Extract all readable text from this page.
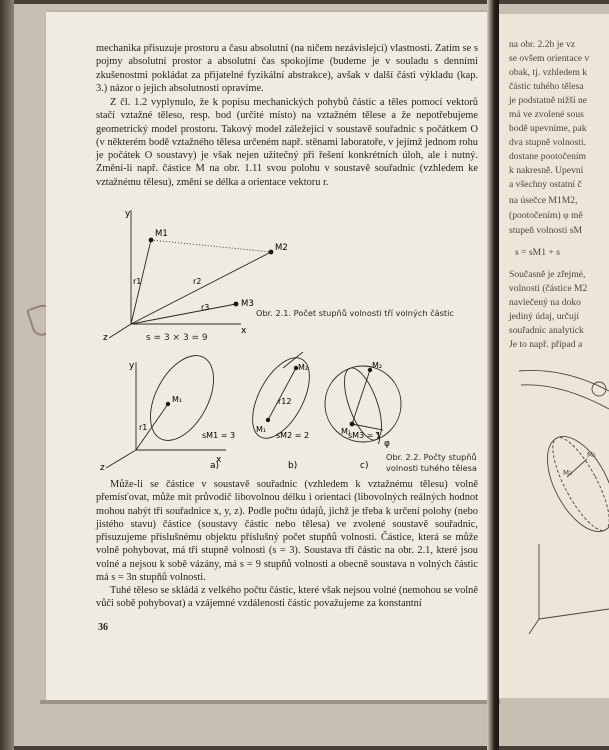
mechanika přisuzuje prostoru a času absolutní (na ničem nezávislejcí) vlastnosti. Zatím se s pojmy absolutní prostor a absolutní čas spokojíme (budeme je v souladu s denními zkušenostmi pokládat za přijatelné fyzikální abstrakce), avšak v další části výkladu (kap. 3.) názor o jejich absolutnosti opravíme.

Z čl. 1.2 vyplynulo, že k popisu mechanických pohybů částic a těles pomocí vektorů stačí vztažné těleso, resp. bod (určité místo) na vztažném tělese a že nepotřebujeme geometrický model prostoru. Takový model záležející v soustavě souřadnic s počátkem O (v některém bodě vztažného tělesa určeném např. stěnami laboratoře, v jejímž jednom rohu je počátek O soustavy) je však nejen užitečný při řešení konkrétních úloh, ale i nutný. Změní-li např. částice M na obr. 1.11 svou polohu v soustavě souřadnic (vzhledem ke vztažnému tělesu), změní se délka a orientace vektoru r.

y
x
z
M1
M2
M3
r1	r2
r3
s = 3 × 3 = 9
Obr. 2.1. Počet stupňů volnosti tří volných částic
y
x
z
M₁
r1	M₁
M₂
r12
M₁
M₂
φ
sM1 = 3	sM2 = 2	sM3 = 1
a)	b)	c)
Obr. 2.2. Počty stupňů volnosti tuhého tělesa

Může-li se částice v soustavě souřadnic (vzhledem k vztažnému tělesu) volně přemísťovat, může mít průvodič libovolnou délku i orientaci (libovolných reálných hodnot mohou nabýt tři souřadnice x, y, z). Podle počtu údajů, jichž je třeba k určení polohy (nebo jistého stavu) částice (soustavy částic nebo tělesa) ve zvolené soustavě souřadnic, přisuzujeme příslušnému objektu příslušný počet stupňů volnosti. Částice, která se může volně pohybovat, má tři stupně volnosti (s = 3). Soustava tří částic na obr. 2.1, které jsou volné a nejsou k sobě vázány, má s = 9 stupňů volnosti a obecně soustava n volných částic má s = 3n stupňů volnosti.

Tuhé těleso se skládá z velkého počtu částic, které však nejsou volné (nemohou se volně vůči sobě pohybovat) a vzájemné vzdálenosti částic považujeme za konstantní

36
na obr. 2.2b je vz
se ovšem orientace v
obak, tj. vzhledem k
částic tuhého tělesa
je podstatně nižší ne
má ve zvolené sous
bodě upevníme, pak
dva stupně volnosti.
dostane pootočením
k nakresně. Upevní
a všechny ostatní č
na úsečce M1M2,
(pootočením) φ mě
stupeň volnosti sM
s = sM1 + s
Současně je zřejmé,
volnosti (částice M2
navlečený na doko
jediný údaj, určují
souřadnic analytick
Je to např. případ a
M₃
M₂
